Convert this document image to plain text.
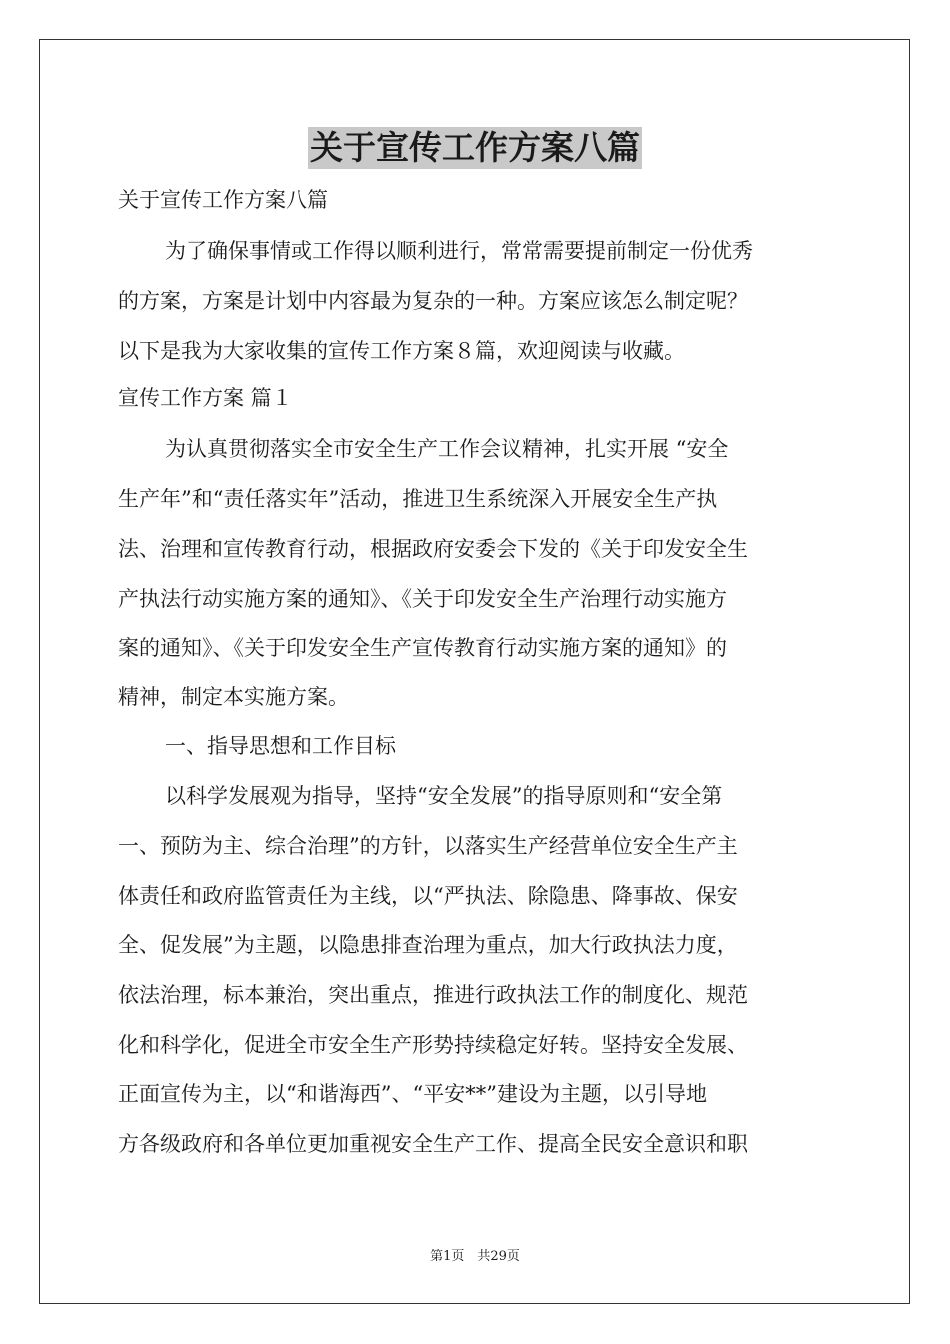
关于宣传工作方案八篇
关于宣传工作方案八篇
为了确保事情或工作得以顺利进行，常常需要提前制定一份优秀
的方案，方案是计划中内容最为复杂的一种。方案应该怎么制定呢？
以下是我为大家收集的宣传工作方案８篇，欢迎阅读与收藏。
宣传工作方案 篇１
为认真贯彻落实全市安全生产工作会议精神，扎实开展 “安全
生产年”和“责任落实年”活动，推进卫生系统深入开展安全生产执
法、治理和宣传教育行动，根据政府安委会下发的《关于印发安全生
产执法行动实施方案的通知》、《关于印发安全生产治理行动实施方
案的通知》、《关于印发安全生产宣传教育行动实施方案的通知》的
精神，制定本实施方案。
一、指导思想和工作目标
以科学发展观为指导，坚持“安全发展”的指导原则和“安全第
一、预防为主、综合治理”的方针，以落实生产经营单位安全生产主
体责任和政府监管责任为主线，以“严执法、除隐患、降事故、保安
全、促发展”为主题，以隐患排查治理为重点，加大行政执法力度，
依法治理，标本兼治，突出重点，推进行政执法工作的制度化、规范
化和科学化，促进全市安全生产形势持续稳定好转。坚持安全发展、
正面宣传为主，以“和谐海西”、“平安**”建设为主题，以引导地
方各级政府和各单位更加重视安全生产工作、提高全民安全意识和职
第1页　共29页
